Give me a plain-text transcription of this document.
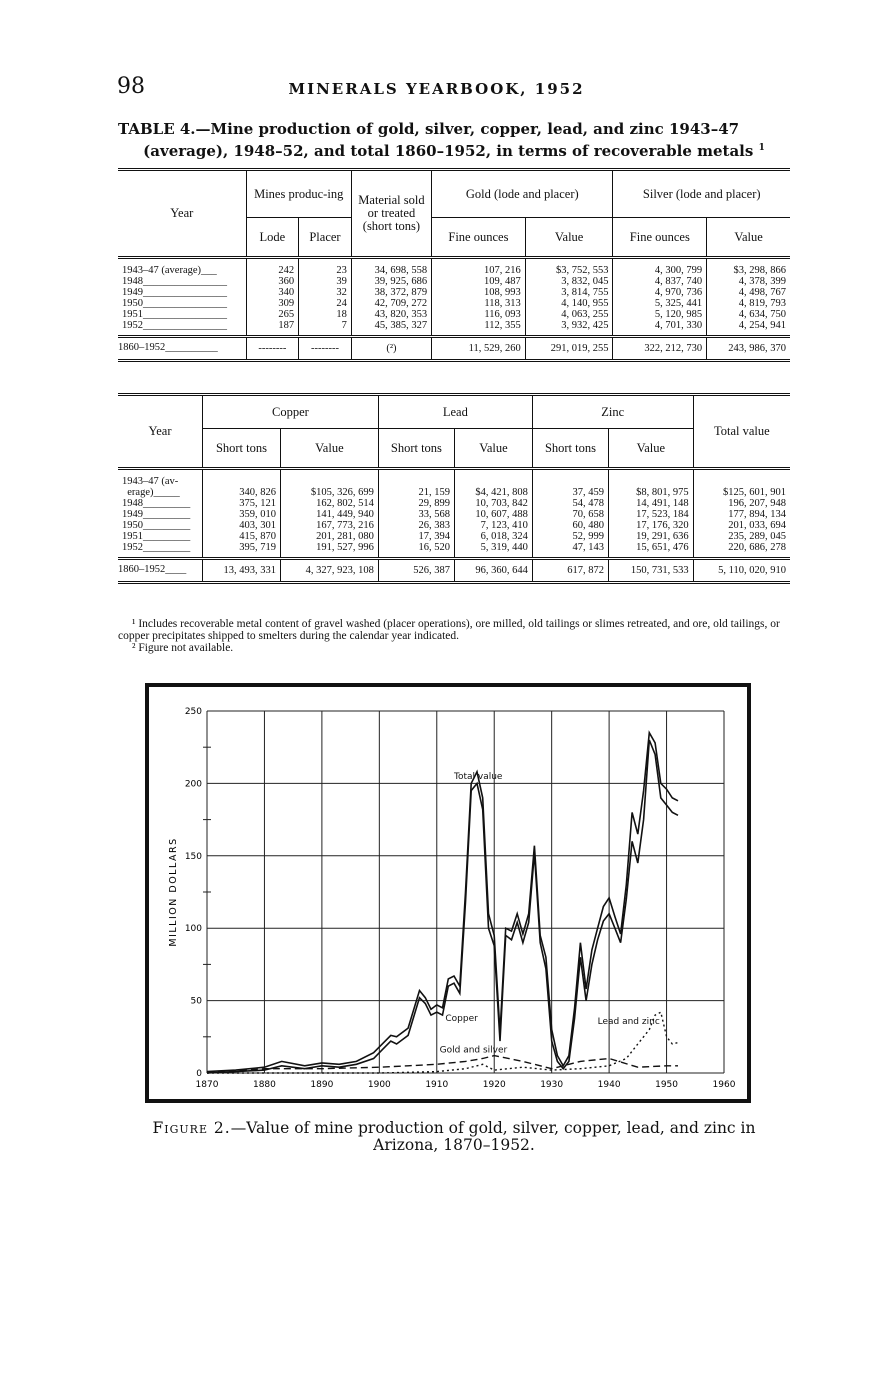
98	MINERALS YEARBOOK, 1952
TABLE 4.—Mine production of gold, silver, copper, lead, and zinc 1943–47

(average), 1948–52, and total 1860–1952, in terms of recoverable metals $^1$
Year	Mines produc-ing		Material sold or treated (short tons)	Gold (lode and placer)		Silver (lode and placer)	
	Lode	Placer		Fine ounces	Value	Fine ounces	Value
1943–47 (average)___	242	23	34, 698, 558	107, 216	$3, 752, 553	4, 300, 799	$3, 298, 866
1948________________	360	39	39, 925, 686	109, 487	3, 832, 045	4, 837, 740	4, 378, 399
1949________________	340	32	38, 372, 879	108, 993	3, 814, 755	4, 970, 736	4, 498, 767
1950________________	309	24	42, 709, 272	118, 313	4, 140, 955	5, 325, 441	4, 819, 793
1951________________	265	18	43, 820, 353	116, 093	4, 063, 255	5, 120, 985	4, 634, 750
1952________________	187	7	45, 385, 327	112, 355	3, 932, 425	4, 701, 330	4, 254, 941
1860–1952__________	--------	--------	(²)	11, 529, 260	291, 019, 255	322, 212, 730	243, 986, 370
Year	Copper		Lead		Zinc		Total value
	Short tons	Value	Short tons	Value	Short tons	Value	
1943–47 (av-							
erage)_____	340, 826	$105, 326, 699	21, 159	$4, 421, 808	37, 459	$8, 801, 975	$125, 601, 901
1948_________	375, 121	162, 802, 514	29, 899	10, 703, 842	54, 478	14, 491, 148	196, 207, 948
1949_________	359, 010	141, 449, 940	33, 568	10, 607, 488	70, 658	17, 523, 184	177, 894, 134
1950_________	403, 301	167, 773, 216	26, 383	7, 123, 410	60, 480	17, 176, 320	201, 033, 694
1951_________	415, 870	201, 281, 080	17, 394	6, 018, 324	52, 999	19, 291, 636	235, 289, 045
1952_________	395, 719	191, 527, 996	16, 520	5, 319, 440	47, 143	15, 651, 476	220, 686, 278
1860–1952____	13, 493, 331	4, 327, 923, 108	526, 387	96, 360, 644	617, 872	150, 731, 533	5, 110, 020, 910
¹ Includes recoverable metal content of gravel washed (placer operations), ore milled, old tailings or slimes retreated, and ore, old tailings, or copper precipitates shipped to smelters during the calendar year indicated.
² Figure not available.
1870	1880	1890	1900	1910	1920	1930	1940	1950	1960
0
50
100
150
200
250
MILLION DOLLARS
Total value
Copper	Lead and zinc
Gold and silver
Figure 2.—Value of mine production of gold, silver, copper, lead, and zinc in Arizona, 1870–1952.
